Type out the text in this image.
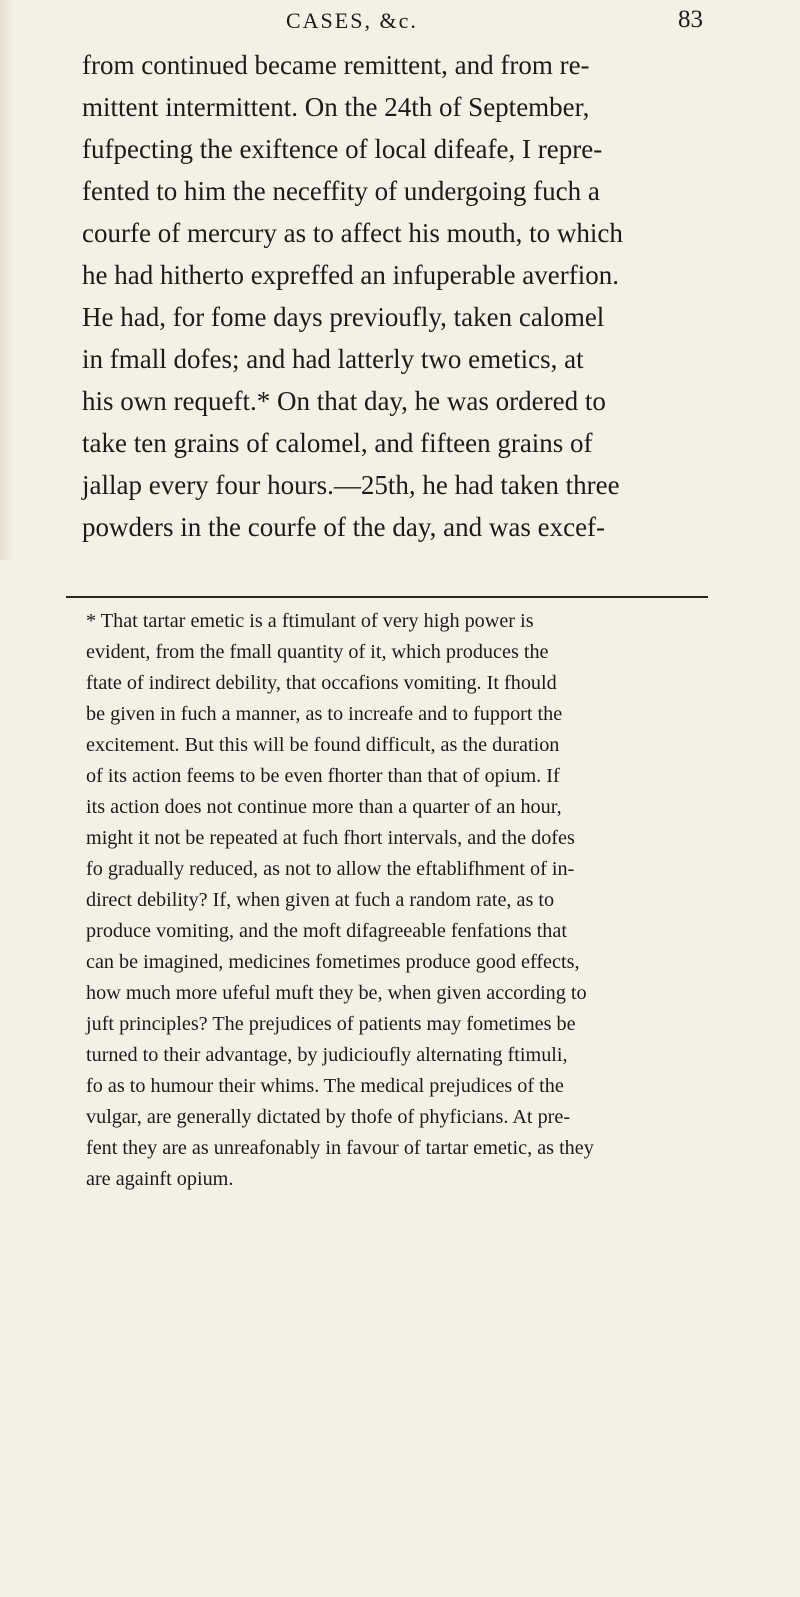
CASES, &c.	83
from continued became remittent, and from re-
mittent intermittent. On the 24th of September,
fufpecting the exiftence of local difeafe, I repre-
fented to him the neceffity of undergoing fuch a
courfe of mercury as to affect his mouth, to which
he had hitherto expreffed an infuperable averfion.
He had, for fome days previoufly, taken calomel
in fmall dofes; and had latterly two emetics, at
his own requeft.* On that day, he was ordered to
take ten grains of calomel, and fifteen grains of
jallap every four hours.—25th, he had taken three
powders in the courfe of the day, and was excef-
* That tartar emetic is a ftimulant of very high power is
evident, from the fmall quantity of it, which produces the
ftate of indirect debility, that occafions vomiting. It fhould
be given in fuch a manner, as to increafe and to fupport the
excitement. But this will be found difficult, as the duration
of its action feems to be even fhorter than that of opium. If
its action does not continue more than a quarter of an hour,
might it not be repeated at fuch fhort intervals, and the dofes
fo gradually reduced, as not to allow the eftablifhment of in-
direct debility? If, when given at fuch a random rate, as to
produce vomiting, and the moft difagreeable fenfations that
can be imagined, medicines fometimes produce good effects,
how much more ufeful muft they be, when given according to
juft principles? The prejudices of patients may fometimes be
turned to their advantage, by judicioufly alternating ftimuli,
fo as to humour their whims. The medical prejudices of the
vulgar, are generally dictated by thofe of phyficians. At pre-
fent they are as unreafonably in favour of tartar emetic, as they
are againft opium.
